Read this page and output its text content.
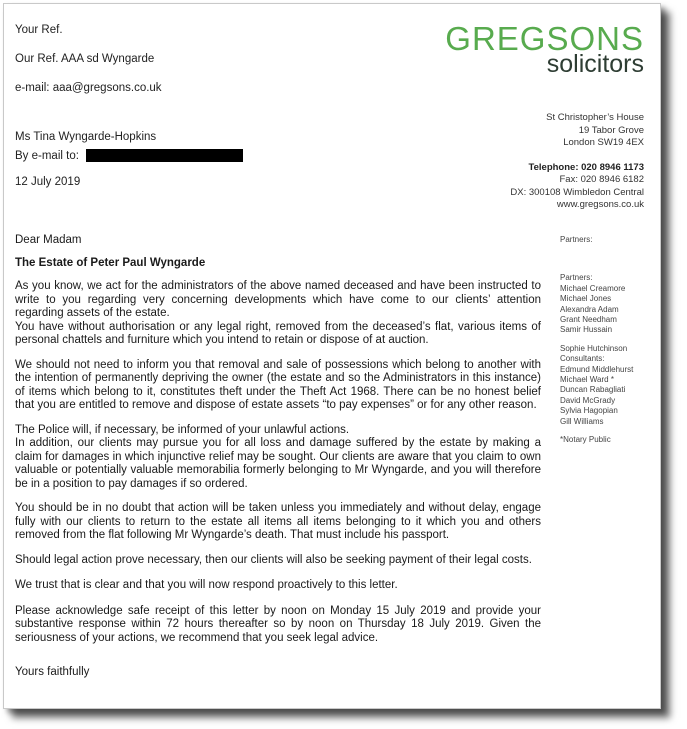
Your Ref.
Our Ref. AAA sd Wyngarde
e-mail: aaa@gregsons.co.uk
GREGSONS
solicitors
Ms Tina Wyngarde-Hopkins
By e-mail to:
12 July 2019
St Christopher’s House
19 Tabor Grove
London SW19 4EX
Telephone: 020 8946 1173
Fax: 020 8946 6182
DX: 300108 Wimbledon Central
www.gregsons.co.uk
Partners:
Partners:
Michael Creamore
Michael Jones
Alexandra Adam
Grant Needham
Samir Hussain
Sophie Hutchinson
Consultants:
Edmund Middlehurst
Michael Ward *
Duncan Rabagliati
David McGrady
Sylvia Hagopian
Gill Williams
*Notary Public
Dear Madam
The Estate of Peter Paul Wyngarde

As you know, we act for the administrators of the above named deceased and have been instructed to write to you regarding very concerning developments which have come to our clients’ attention regarding assets of the estate.

You have without authorisation or any legal right, removed from the deceased’s flat, various items of personal chattels and furniture which you intend to retain or dispose of at auction.

We should not need to inform you that removal and sale of possessions which belong to another with the intention of permanently depriving the owner (the estate and so the Administrators in this instance) of items which belong to it, constitutes theft under the Theft Act 1968. There can be no honest belief that you are entitled to remove and dispose of estate assets “to pay expenses” or for any other reason.

The Police will, if necessary, be informed of your unlawful actions.

In addition, our clients may pursue you for all loss and damage suffered by the estate by making a claim for damages in which injunctive relief may be sought. Our clients are aware that you claim to own valuable or potentially valuable memorabilia formerly belonging to Mr Wyngarde, and you will therefore be in a position to pay damages if so ordered.

You should be in no doubt that action will be taken unless you immediately and without delay, engage fully with our clients to return to the estate all items all items belonging to it which you and others removed from the flat following Mr Wyngarde’s death. That must include his passport.

Should legal action prove necessary, then our clients will also be seeking payment of their legal costs.

We trust that is clear and that you will now respond proactively to this letter.

Please acknowledge safe receipt of this letter by noon on Monday 15 July 2019 and provide your substantive response within 72 hours thereafter so by noon on Thursday 18 July 2019. Given the seriousness of your actions, we recommend that you seek legal advice.

Yours faithfully
